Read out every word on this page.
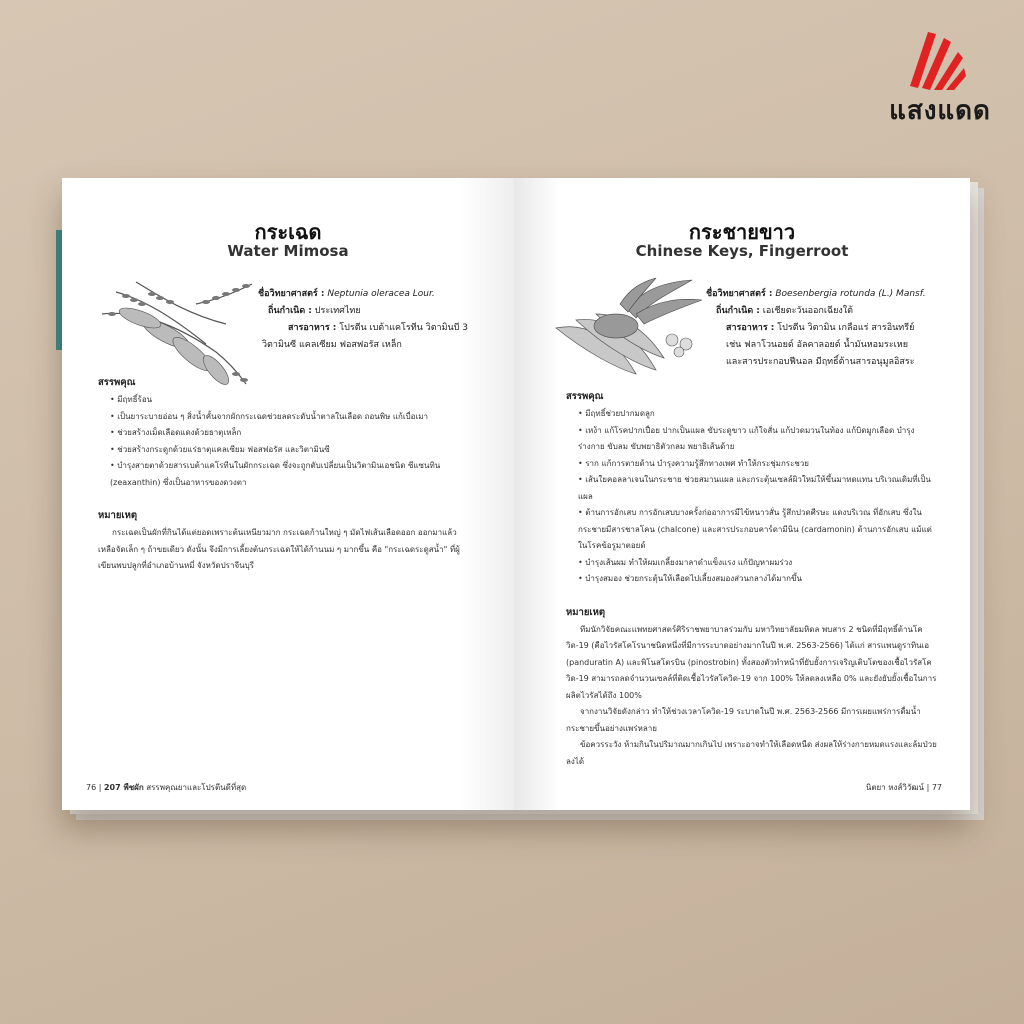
แสงแดด
กระเฉด
Water Mimosa
ชื่อวิทยาศาสตร์ : Neptunia oleracea Lour.
ถิ่นกำเนิด : ประเทศไทย
สารอาหาร : โปรตีน เบต้าแคโรทีน วิตามินบี 3
วิตามินซี แคลเซียม ฟอสฟอรัส เหล็ก
สรรพคุณ

• มีฤทธิ์ร้อน

• เป็นยาระบายอ่อน ๆ สิ่งน้ำคั้นจากผักกระเฉดช่วยลดระดับน้ำตาลในเลือด ถอนพิษ แก้เบื่อเมา

• ช่วยสร้างเม็ดเลือดแดงด้วยธาตุเหล็ก

• ช่วยสร้างกระดูกด้วยแร่ธาตุแคลเซียม ฟอสฟอรัส และวิตามินซี

• บำรุงสายตาด้วยสารเบต้าแคโรทีนในผักกระเฉด ซึ่งจะถูกตับเปลี่ยนเป็นวิตามินเอชนิด ซีแซนทิน (zeaxanthin) ซึ่งเป็นอาหารของดวงตา

หมายเหตุ

กระเฉดเป็นผักที่กินได้แต่ยอดเพราะต้นเหนียวมาก กระเฉดก้านใหญ่ ๆ มัดไฟเส้นเลือดออก ออกมาแล้วเหลือจัดเล็ก ๆ ถ้าขยเดียว ดังนั้น จึงมีการเลี้ยงต้นกระเฉดให้ได้ก้านนม ๆ มากขึ้น คือ "กระเฉดระดูสน้ำ" ที่ผู้เขียนพบปลูกที่อำเภอบ้านหมี่ จังหวัดปราจีนบุรี

76 | 207 พืชผัก สรรพคุณยาและโปรตีนดีที่สุด
กระชายขาว
Chinese Keys, Fingerroot
ชื่อวิทยาศาสตร์ : Boesenbergia rotunda (L.) Mansf.
ถิ่นกำเนิด : เอเชียตะวันออกเฉียงใต้
สารอาหาร : โปรตีน วิตามิน เกลือแร่ สารอินทรีย์
เช่น ฟลาโวนอยด์ อัลคาลอยด์ น้ำมันหอมระเหย
และสารประกอบฟีนอล มีฤทธิ์ต้านสารอนุมูลอิสระ
สรรพคุณ

• มีฤทธิ์ช่วยปากมดลูก

• เหง้า แก้โรคปากเปื่อย ปากเป็นแผล ขับระดูขาว แก้ใจสั่น แก้ปวดมวนในท้อง แก้บิดมูกเลือด บำรุงร่างกาย ขับลม ขับพยาธิตัวกลม พยาธิเส้นด้าย

• ราก แก้การตายด้าน บำรุงความรู้สึกทางเพศ ทำให้กระชุ่มกระชวย

• เส้นใยคอลลาเจนในกระชาย ช่วยสมานแผล และกระตุ้นเซลล์ผิวใหม่ให้ขึ้นมาทดแทน บริเวณเดิมที่เป็นแผล

• ต้านการอักเสบ การอักเสบบางครั้งก่ออาการมีไข้หนาวสั่น รู้สึกปวดศีรษะ แดงบริเวณ ที่อักเสบ ซึ่งในกระชายมีสารชาลโคน (chalcone) และสารประกอบคาร์ดามีนิน (cardamonin) ต้านการอักเสบ แม้แต่ในโรคข้อรูมาตอยด์

• บำรุงเส้นผม ทำให้ผมเกลี้ยงมาลาดำแข็งแรง แก้ปัญหาผมร่วง

• บำรุงสมอง ช่วยกระตุ้นให้เลือดไปเลี้ยงสมองส่วนกลางได้มากขึ้น

หมายเหตุ

ทีมนักวิจัยคณะแพทยศาสตร์ศิริราชพยาบาลร่วมกับ มหาวิทยาลัยมหิดล พบสาร 2 ชนิดที่มีฤทธิ์ต้านโควิด-19 (คือไวรัสโคโรนาชนิดหนึ่งที่มีการระบาดอย่างมากในปี พ.ศ. 2563-2566) ได้แก่ สารแพนดูราทินเอ (panduratin A) และพิโนสโตรบิน (pinostrobin) ทั้งสองตัวทำหน้าที่ยับยั้งการเจริญเติบโตของเชื้อไวรัสโควิด-19 สามารถลดจำนวนเซลล์ที่ติดเชื้อไวรัสโควิด-19 จาก 100% ให้ลดลงเหลือ 0% และยังยับยั้งเชื้อในการผลิตไวรัสได้ถึง 100%

จากงานวิจัยดังกล่าว ทำให้ช่วงเวลาโควิด-19 ระบาดในปี พ.ศ. 2563-2566 มีการเผยแพร่การดื่มน้ำกระชายขึ้นอย่างแพร่หลาย

ข้อควรระวัง ห้ามกินในปริมาณมากเกินไป เพราะอาจทำให้เลือดหนืด ส่งผลให้ร่างกายหมดแรงและล้มป่วยลงได้

นิตยา หงส์วิวัฒน์ | 77
